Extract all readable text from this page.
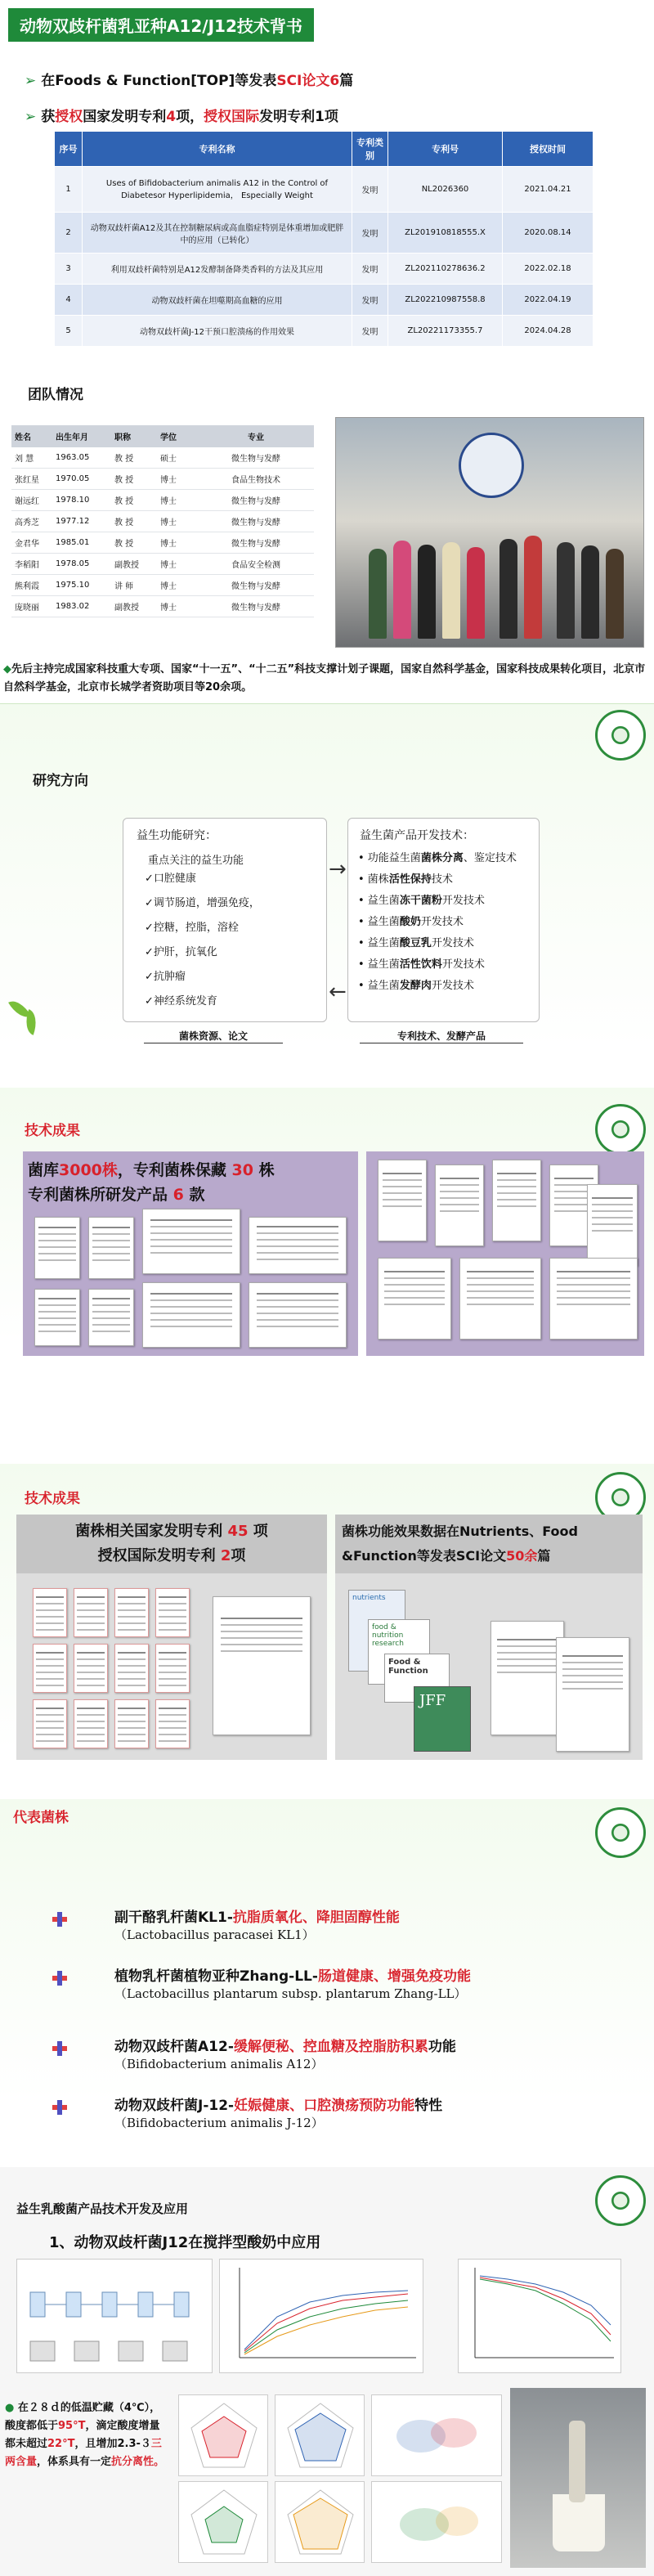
动物双歧杆菌乳亚种A12/J12技术背书
➢ 在Foods & Function[TOP]等发表SCI论文6篇
➢ 获授权国家发明专利4项，授权国际发明专利1项
序号	专利名称	专利类别	专利号	授权时间
1	Uses of Bifidobacterium animalis A12 in the Control of Diabetesor Hyperlipidemia， Especially Weight	发明	NL2026360	2021.04.21
2	动物双歧杆菌A12及其在控制糖尿病或高血脂症特别是体重增加或肥胖中的应用（已转化）	发明	ZL201910818555.X	2020.08.14
3	利用双歧杆菌特别是A12发酵制备降类香料的方法及其应用	发明	ZL202110278636.2	2022.02.18
4	动物双歧杆菌在坦噬期高血糖的应用	发明	ZL202210987558.8	2022.04.19
5	动物双歧杆菌J-12干预口腔溃疡的作用效果	发明	ZL20221173355.7	2024.04.28
团队情况
姓名	出生年月	职称	学位	专业
刘 慧	1963.05	教 授	硕士	微生物与发酵
张红星	1970.05	教 授	博士	食品生物技术
谢远红	1978.10	教 授	博士	微生物与发酵
高秀芝	1977.12	教 授	博士	微生物与发酵
金君华	1985.01	教 授	博士	微生物与发酵
李稻阳	1978.05	副教授	博士	食品安全检测
熊利霞	1975.10	讲 师	博士	微生物与发酵
庞晓丽	1983.02	副教授	博士	微生物与发酵
◆先后主持完成国家科技重大专项、国家“十一五”、“十二五”科技支撑计划子课题，国家自然科学基金，国家科技成果转化项目，北京市自然科学基金，北京市长城学者资助项目等20余项。
研究方向
益生功能研究：
重点关注的益生功能
✓口腔健康
✓调节肠道，增强免疫，
✓控糖，控脂，溶栓
✓护肝，抗氧化
✓抗肿瘤
✓神经系统发育
菌株资源、论文
→
←
益生菌产品开发技术：
• 功能益生菌菌株分离、鉴定技术
• 菌株活性保持技术
• 益生菌冻干菌粉开发技术
• 益生菌酸奶开发技术
• 益生菌酸豆乳开发技术
• 益生菌活性饮料开发技术
• 益生菌发酵肉开发技术
专利技术、发酵产品
技术成果
菌库3000株，专利菌株保藏 30 株
专利菌株所研发产品 6 款
技术成果
菌株相关国家发明专利 45 项
授权国际发明专利 2项
菌株功能效果数据在Nutrients、Food
&Function等发表SCI论文50余篇
nutrients
food & nutrition research
Food & Function
JFF
代表菌株
副干酪乳杆菌KL1-抗脂质氧化、降胆固醇性能
（Lactobacillus paracasei KL1）
植物乳杆菌植物亚种Zhang-LL-肠道健康、增强免疫功能
（Lactobacillus plantarum subsp. plantarum Zhang-LL）
动物双歧杆菌A12-缓解便秘、控血糖及控脂肪积累功能
（Bifidobacterium animalis A12）
动物双歧杆菌J-12-妊娠健康、口腔溃疡预防功能特性
（Bifidobacterium animalis J-12）
益生乳酸菌产品技术开发及应用
1、动物双歧杆菌J12在搅拌型酸奶中应用
● 在２８ｄ的低温贮藏（4℃），酸度都低于95°T，滴定酸度增量都未超过22°T，且增加2.3-３三两含量，体系具有一定抗分离性。
